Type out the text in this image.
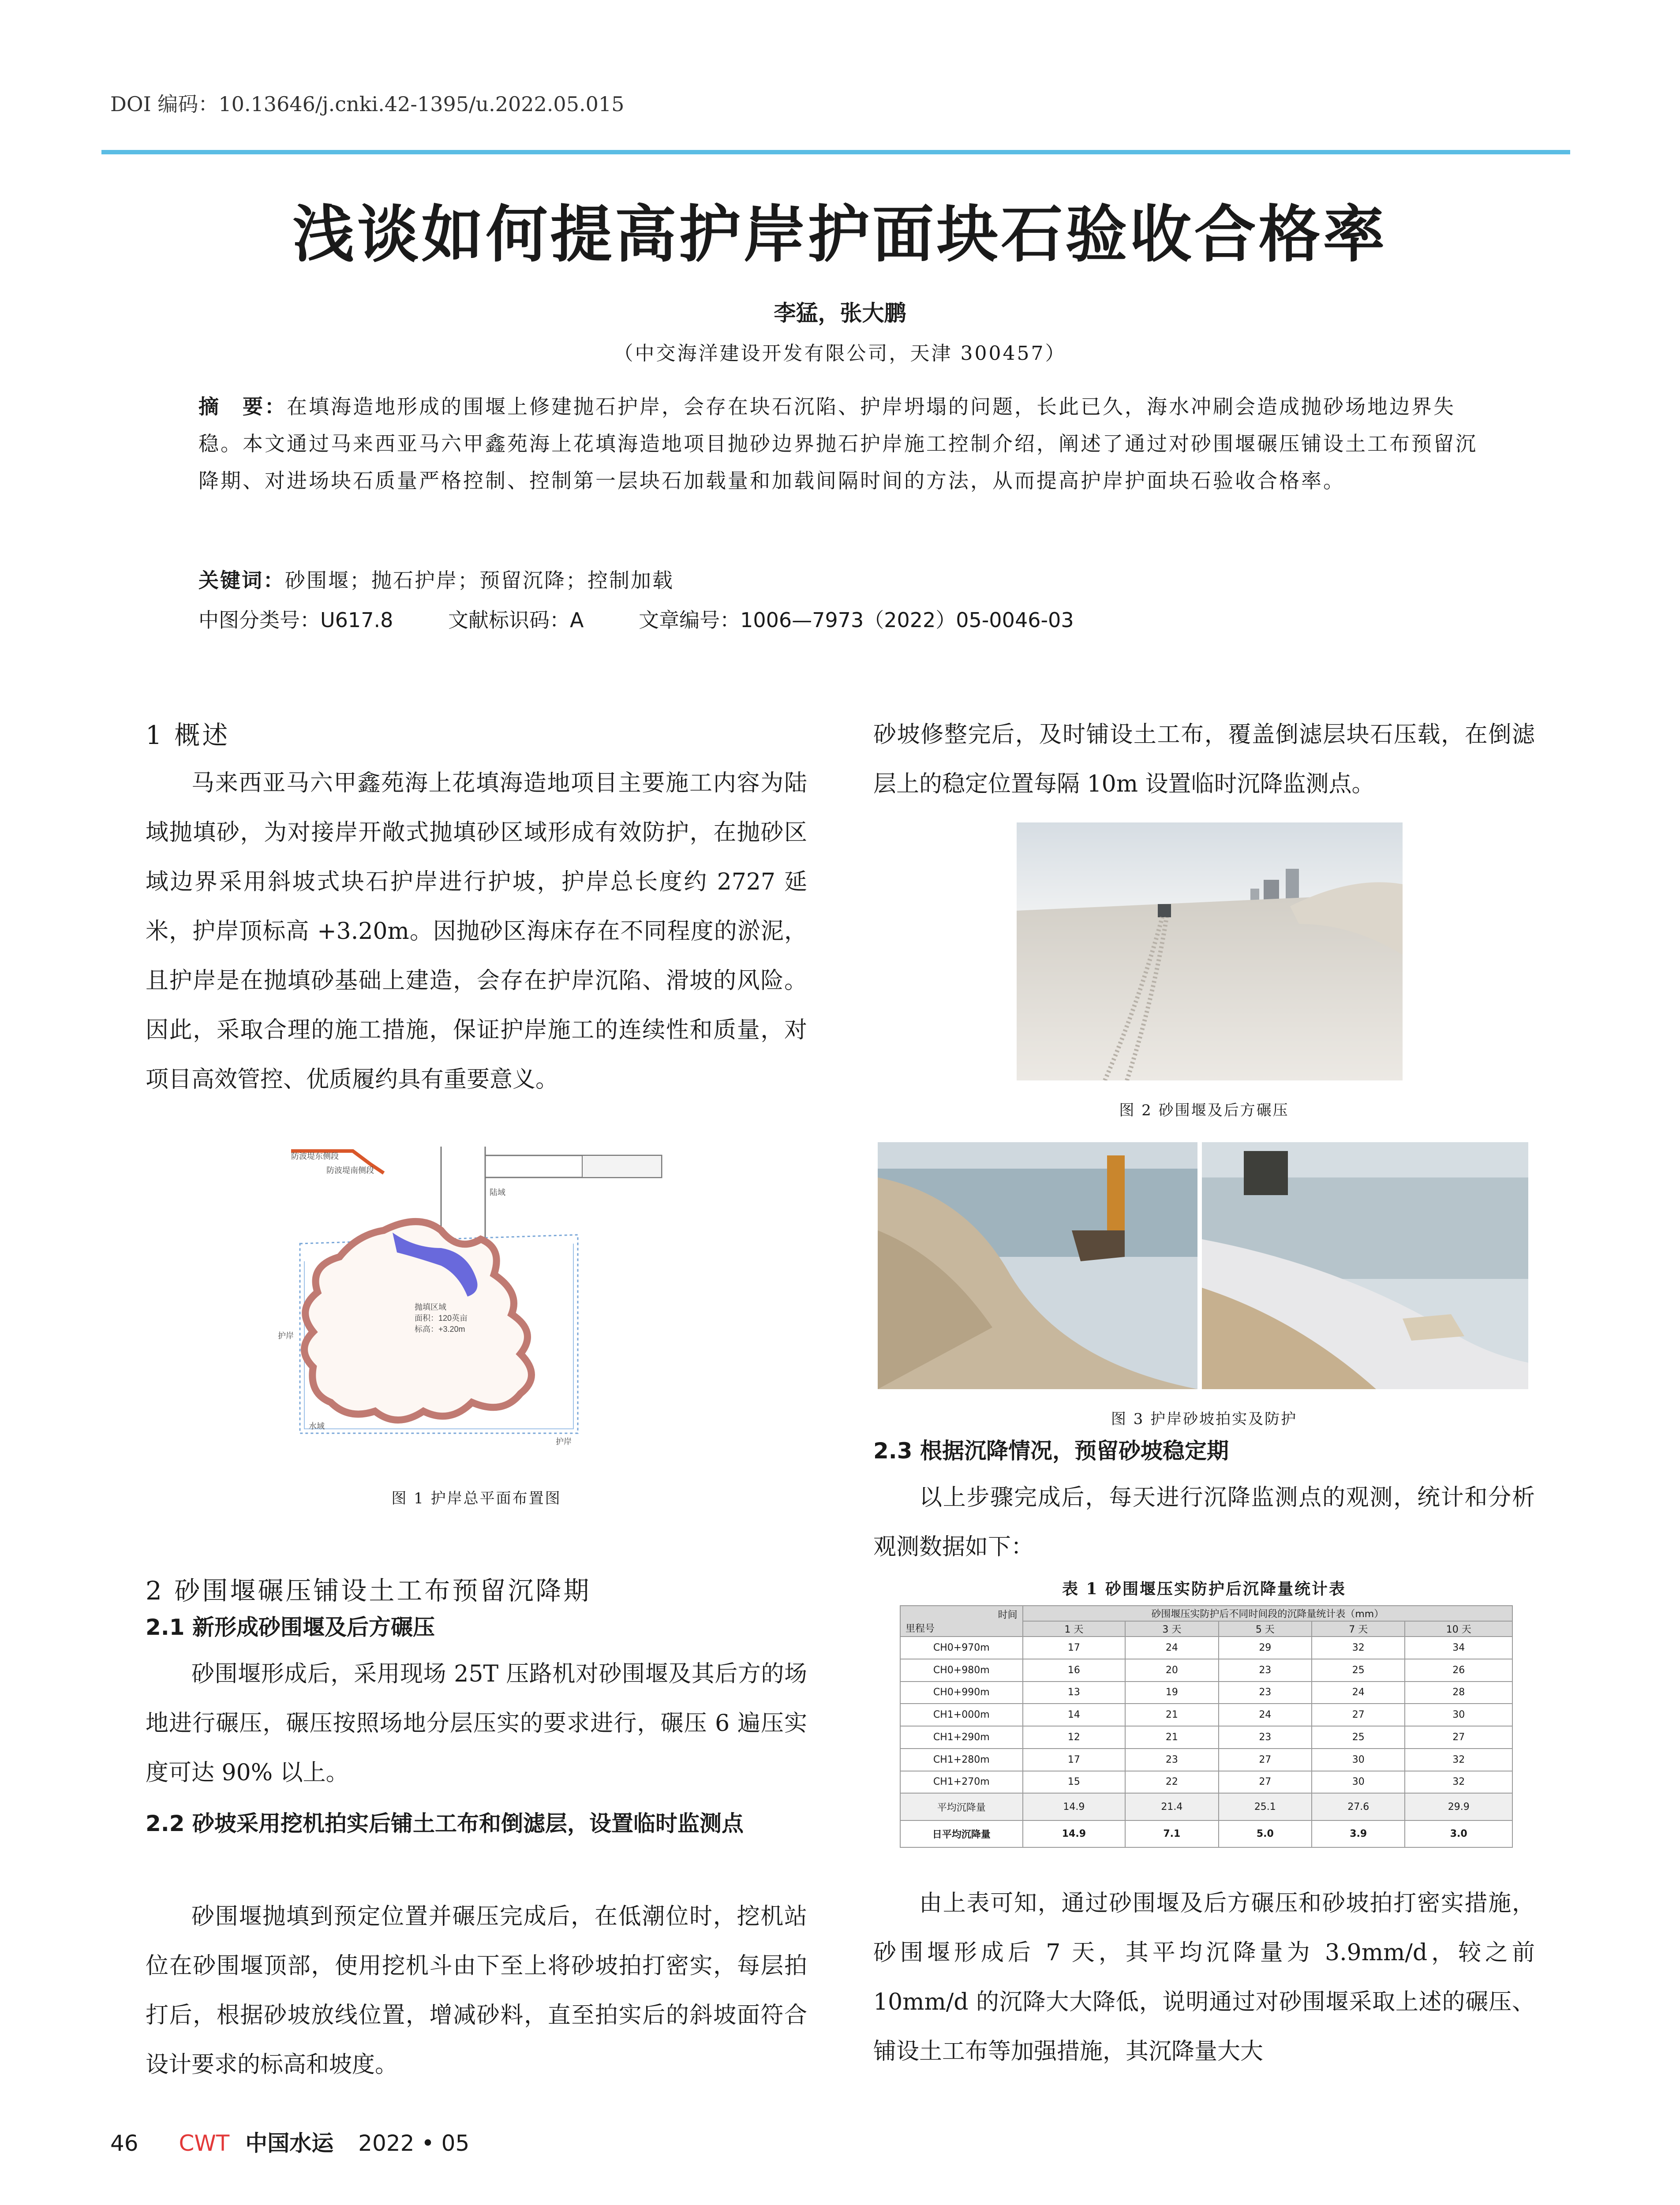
DOI 编码：10.13646/j.cnki.42-1395/u.2022.05.015
浅谈如何提高护岸护面块石验收合格率
李猛，张大鹏
（中交海洋建设开发有限公司，天津 300457）
摘　要：在填海造地形成的围堰上修建抛石护岸，会存在块石沉陷、护岸坍塌的问题，长此已久，海水冲刷会造成抛砂场地边界失稳。本文通过马来西亚马六甲鑫苑海上花填海造地项目抛砂边界抛石护岸施工控制介绍，阐述了通过对砂围堰碾压铺设土工布预留沉降期、对进场块石质量严格控制、控制第一层块石加载量和加载间隔时间的方法，从而提高护岸护面块石验收合格率。
关键词：砂围堰；抛石护岸；预留沉降；控制加载
中图分类号：U617.8	文献标识码：A	文章编号：1006—7973（2022）05-0046-03
1 概述
马来西亚马六甲鑫苑海上花填海造地项目主要施工内容为陆域抛填砂，为对接岸开敞式抛填砂区域形成有效防护，在抛砂区域边界采用斜坡式块石护岸进行护坡，护岸总长度约 2727 延米，护岸顶标高 +3.20m。因抛砂区海床存在不同程度的淤泥，且护岸是在抛填砂基础上建造，会存在护岸沉陷、滑坡的风险。因此，采取合理的施工措施，保证护岸施工的连续性和质量，对项目高效管控、优质履约具有重要意义。
防波堤东侧段
防波堤南侧段
陆域
抛填区域
面积：120英亩
标高：+3.20m
护岸
护岸
水域
图 1 护岸总平面布置图
2 砂围堰碾压铺设土工布预留沉降期
2.1 新形成砂围堰及后方碾压
砂围堰形成后，采用现场 25T 压路机对砂围堰及其后方的场地进行碾压，碾压按照场地分层压实的要求进行，碾压 6 遍压实度可达 90% 以上。
2.2 砂坡采用挖机拍实后铺土工布和倒滤层，设置临时监测点
砂围堰抛填到预定位置并碾压完成后，在低潮位时，挖机站位在砂围堰顶部，使用挖机斗由下至上将砂坡拍打密实，每层拍打后，根据砂坡放线位置，增减砂料，直至拍实后的斜坡面符合设计要求的标高和坡度。
砂坡修整完后，及时铺设土工布，覆盖倒滤层块石压载，在倒滤层上的稳定位置每隔 10m 设置临时沉降监测点。
图 2 砂围堰及后方碾压
图 3 护岸砂坡拍实及防护
2.3 根据沉降情况，预留砂坡稳定期
以上步骤完成后，每天进行沉降监测点的观测，统计和分析观测数据如下：
表 1 砂围堰压实防护后沉降量统计表
时间
里程号	砂围堰压实防护后不同时间段的沉降量统计表（mm）				
	1 天	3 天	5 天	7 天	10 天
CH0+970m	17	24	29	32	34
CH0+980m	16	20	23	25	26
CH0+990m	13	19	23	24	28
CH1+000m	14	21	24	27	30
CH1+290m	12	21	23	25	27
CH1+280m	17	23	27	30	32
CH1+270m	15	22	27	30	32
平均沉降量	14.9	21.4	25.1	27.6	29.9
日平均沉降量	14.9	7.1	5.0	3.9	3.0
由上表可知，通过砂围堰及后方碾压和砂坡拍打密实措施，砂围堰形成后 7 天，其平均沉降量为 3.9mm/d，较之前 10mm/d 的沉降大大降低，说明通过对砂围堰采取上述的碾压、铺设土工布等加强措施，其沉降量大大
46 CWT 中国水运 2022 • 05
